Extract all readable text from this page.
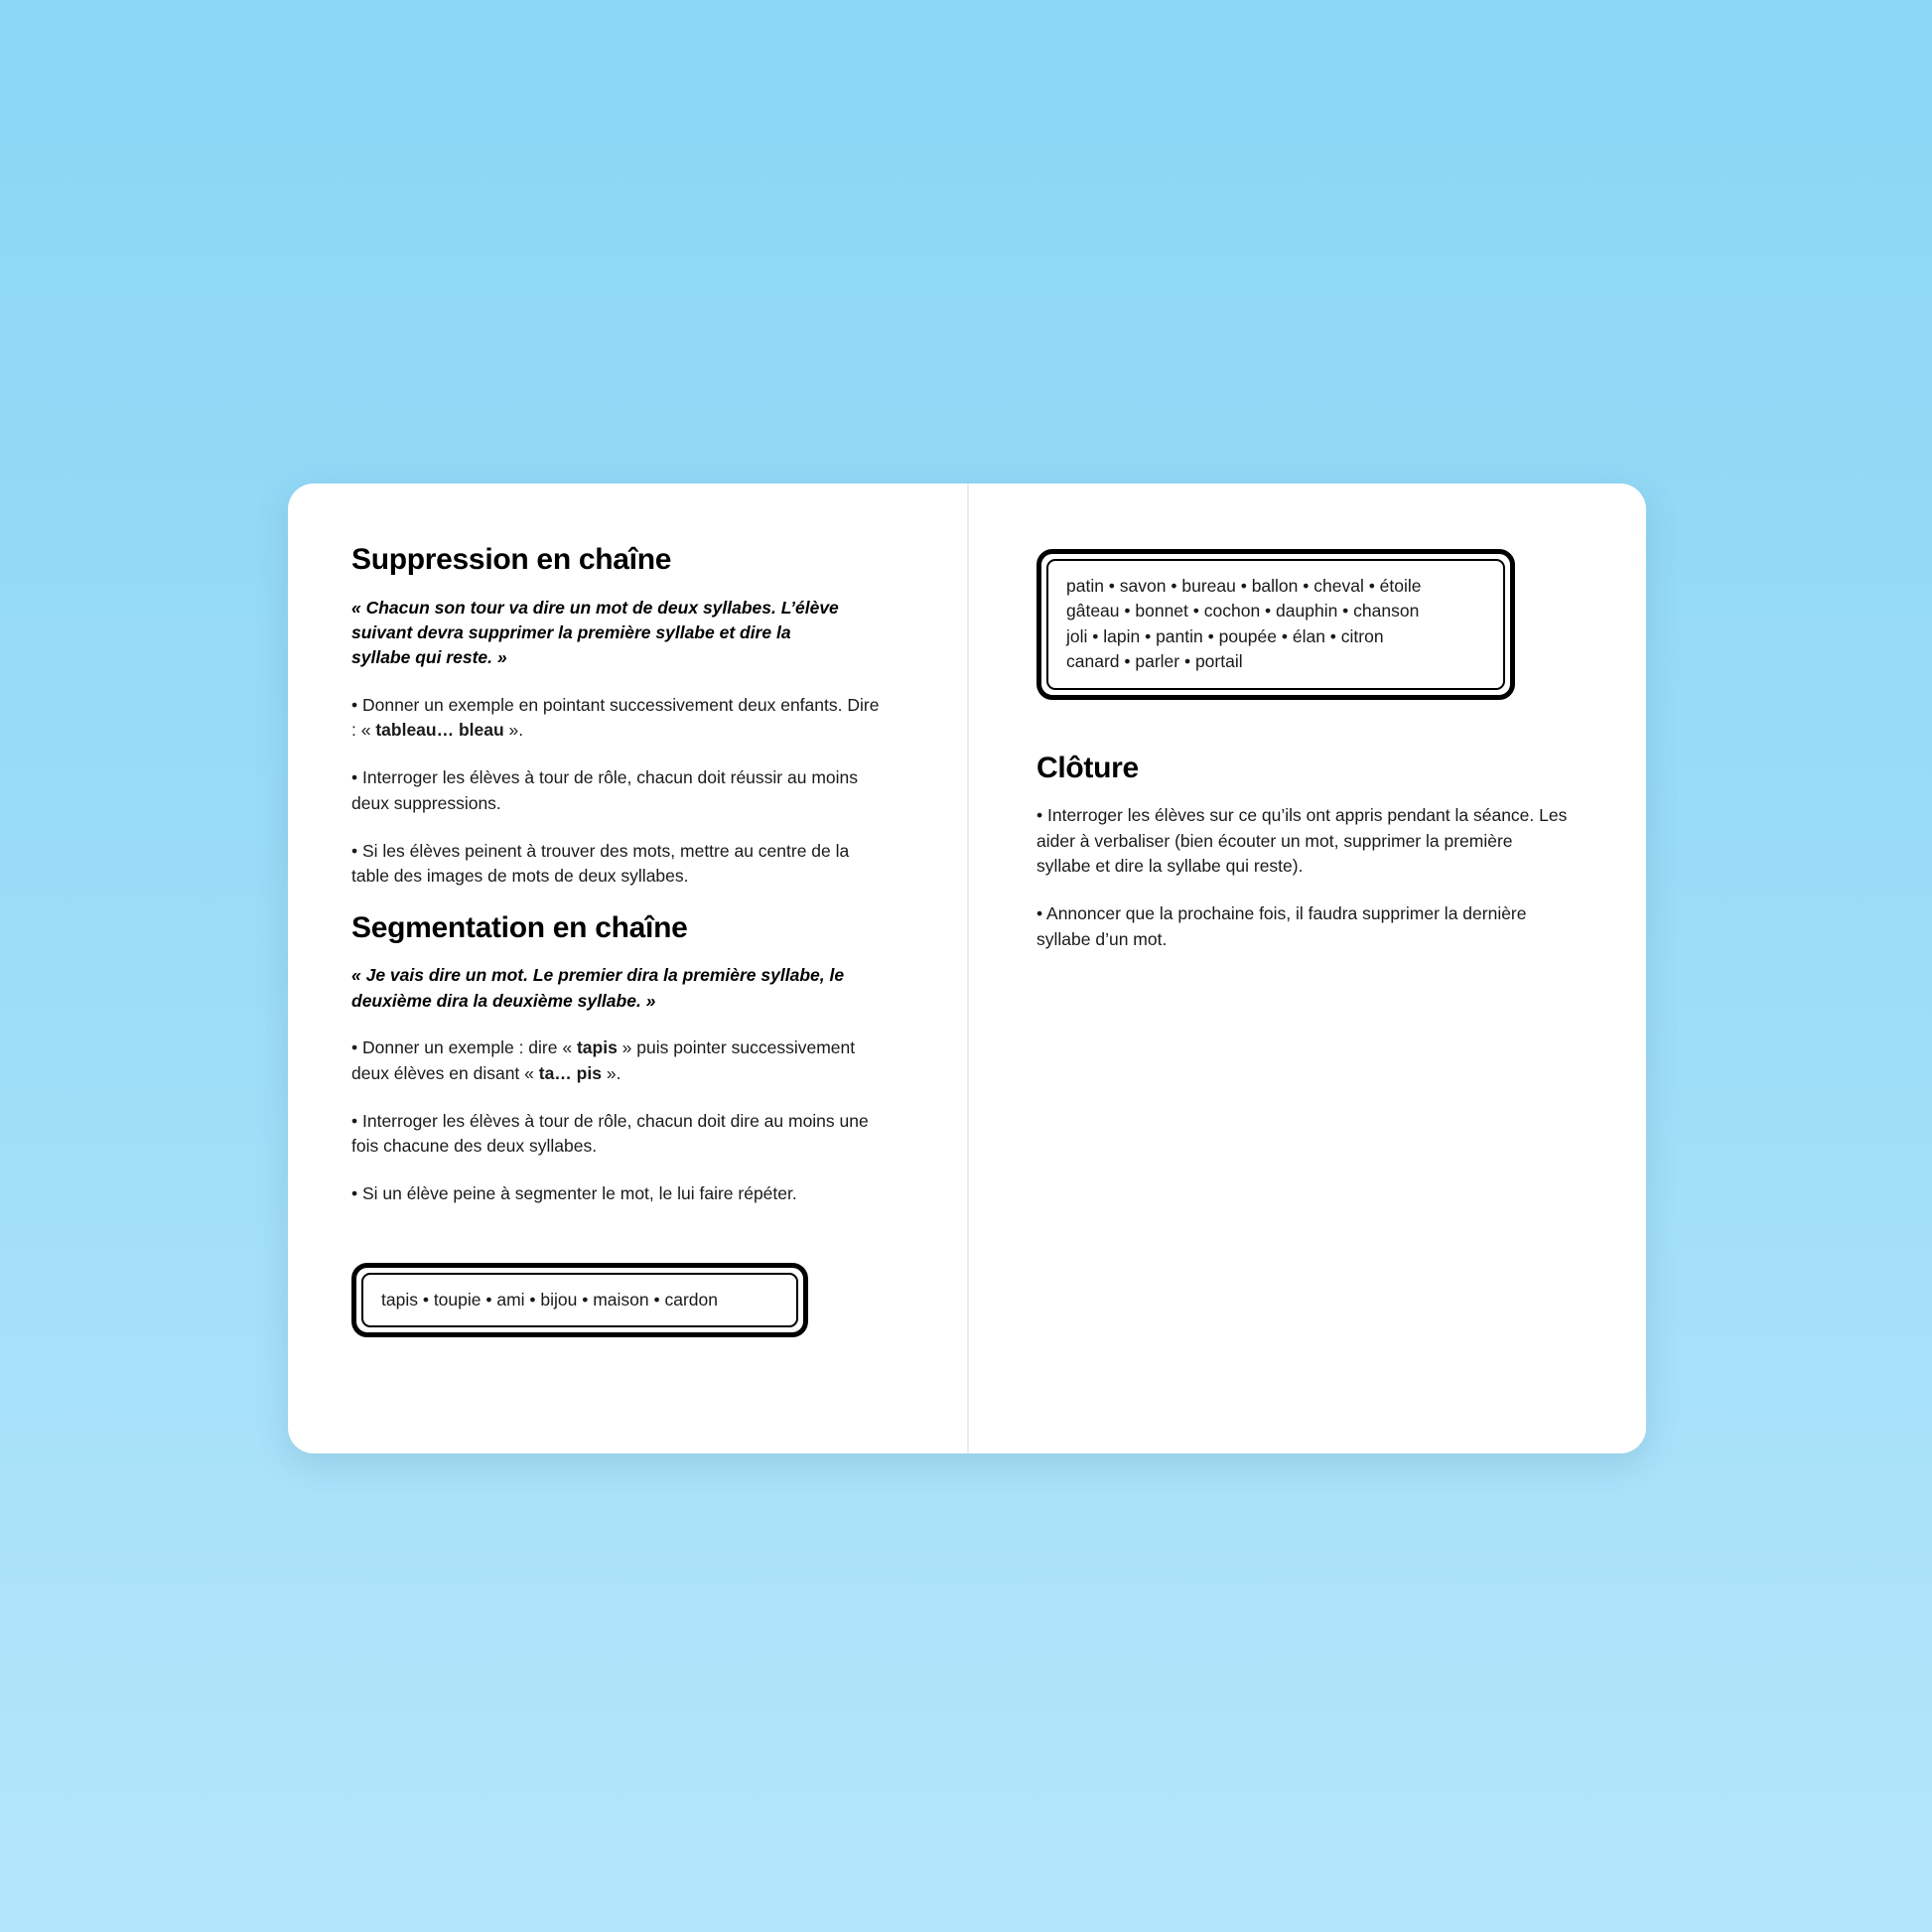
Suppression en chaîne

« Chacun son tour va dire un mot de deux syllabes. L’élève suivant devra supprimer la première syllabe et dire la syllabe qui reste. »

• Donner un exemple en pointant successivement deux enfants. Dire : « tableau… bleau ».

• Interroger les élèves à tour de rôle, chacun doit réussir au moins deux suppressions.

• Si les élèves peinent à trouver des mots, mettre au centre de la table des images de mots de deux syllabes.

Segmentation en chaîne

« Je vais dire un mot. Le premier dira la première syllabe, le deuxième dira la deuxième syllabe. »

• Donner un exemple : dire « tapis » puis pointer successivement deux élèves en disant « ta… pis ».

• Interroger les élèves à tour de rôle, chacun doit dire au moins une fois chacune des deux syllabes.

• Si un élève peine à segmenter le mot, le lui faire répéter.

tapis • toupie • ami • bijou • maison • cardon
patin • savon • bureau • ballon • cheval • étoile
gâteau • bonnet • cochon • dauphin • chanson
joli • lapin • pantin • poupée • élan • citron
canard • parler • portail
Clôture

• Interroger les élèves sur ce qu’ils ont appris pendant la séance. Les aider à verbaliser (bien écouter un mot, supprimer la première syllabe et dire la syllabe qui reste).

• Annoncer que la prochaine fois, il faudra supprimer la dernière syllabe d’un mot.
